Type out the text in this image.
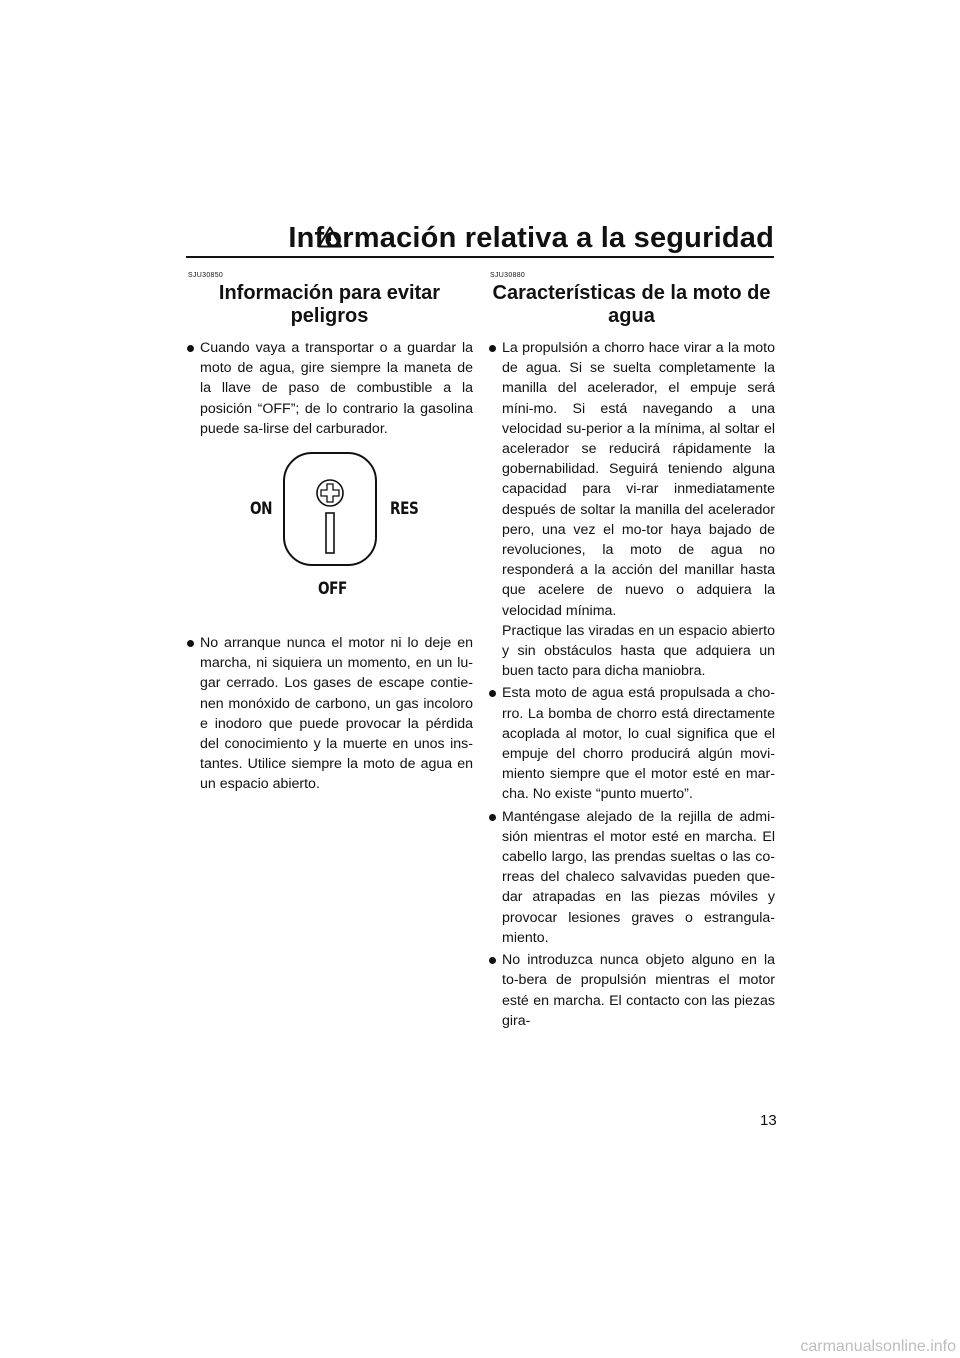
Información relativa a la seguridad
SJU30850
Información para evitar
peligros
Cuando vaya a transportar o a guardar la moto de agua, gire siempre la maneta de la llave de paso de combustible a la posición “OFF”; de lo contrario la gasolina puede sa-lirse del carburador.
ON	RES
OFF
No arranque nunca el motor ni lo deje en marcha, ni siquiera un momento, en un lu-gar cerrado. Los gases de escape contie-nen monóxido de carbono, un gas incoloro e inodoro que puede provocar la pérdida del conocimiento y la muerte en unos ins-tantes. Utilice siempre la moto de agua en un espacio abierto.
SJU30880
Características de la moto de
agua
La propulsión a chorro hace virar a la moto de agua. Si se suelta completamente la manilla del acelerador, el empuje será míni-mo. Si está navegando a una velocidad su-perior a la mínima, al soltar el acelerador se reducirá rápidamente la gobernabilidad. Seguirá teniendo alguna capacidad para vi-rar inmediatamente después de soltar la manilla del acelerador pero, una vez el mo-tor haya bajado de revoluciones, la moto de agua no responderá a la acción del manillar hasta que acelere de nuevo o adquiera la velocidad mínima.
Practique las viradas en un espacio abierto y sin obstáculos hasta que adquiera un buen tacto para dicha maniobra.
Esta moto de agua está propulsada a cho-rro. La bomba de chorro está directamente acoplada al motor, lo cual significa que el empuje del chorro producirá algún movi-miento siempre que el motor esté en mar-cha. No existe “punto muerto”.
Manténgase alejado de la rejilla de admi-sión mientras el motor esté en marcha. El cabello largo, las prendas sueltas o las co-rreas del chaleco salvavidas pueden que-dar atrapadas en las piezas móviles y provocar lesiones graves o estrangula-miento.
No introduzca nunca objeto alguno en la to-bera de propulsión mientras el motor esté en marcha. El contacto con las piezas gira-
13
carmanualsonline.info
